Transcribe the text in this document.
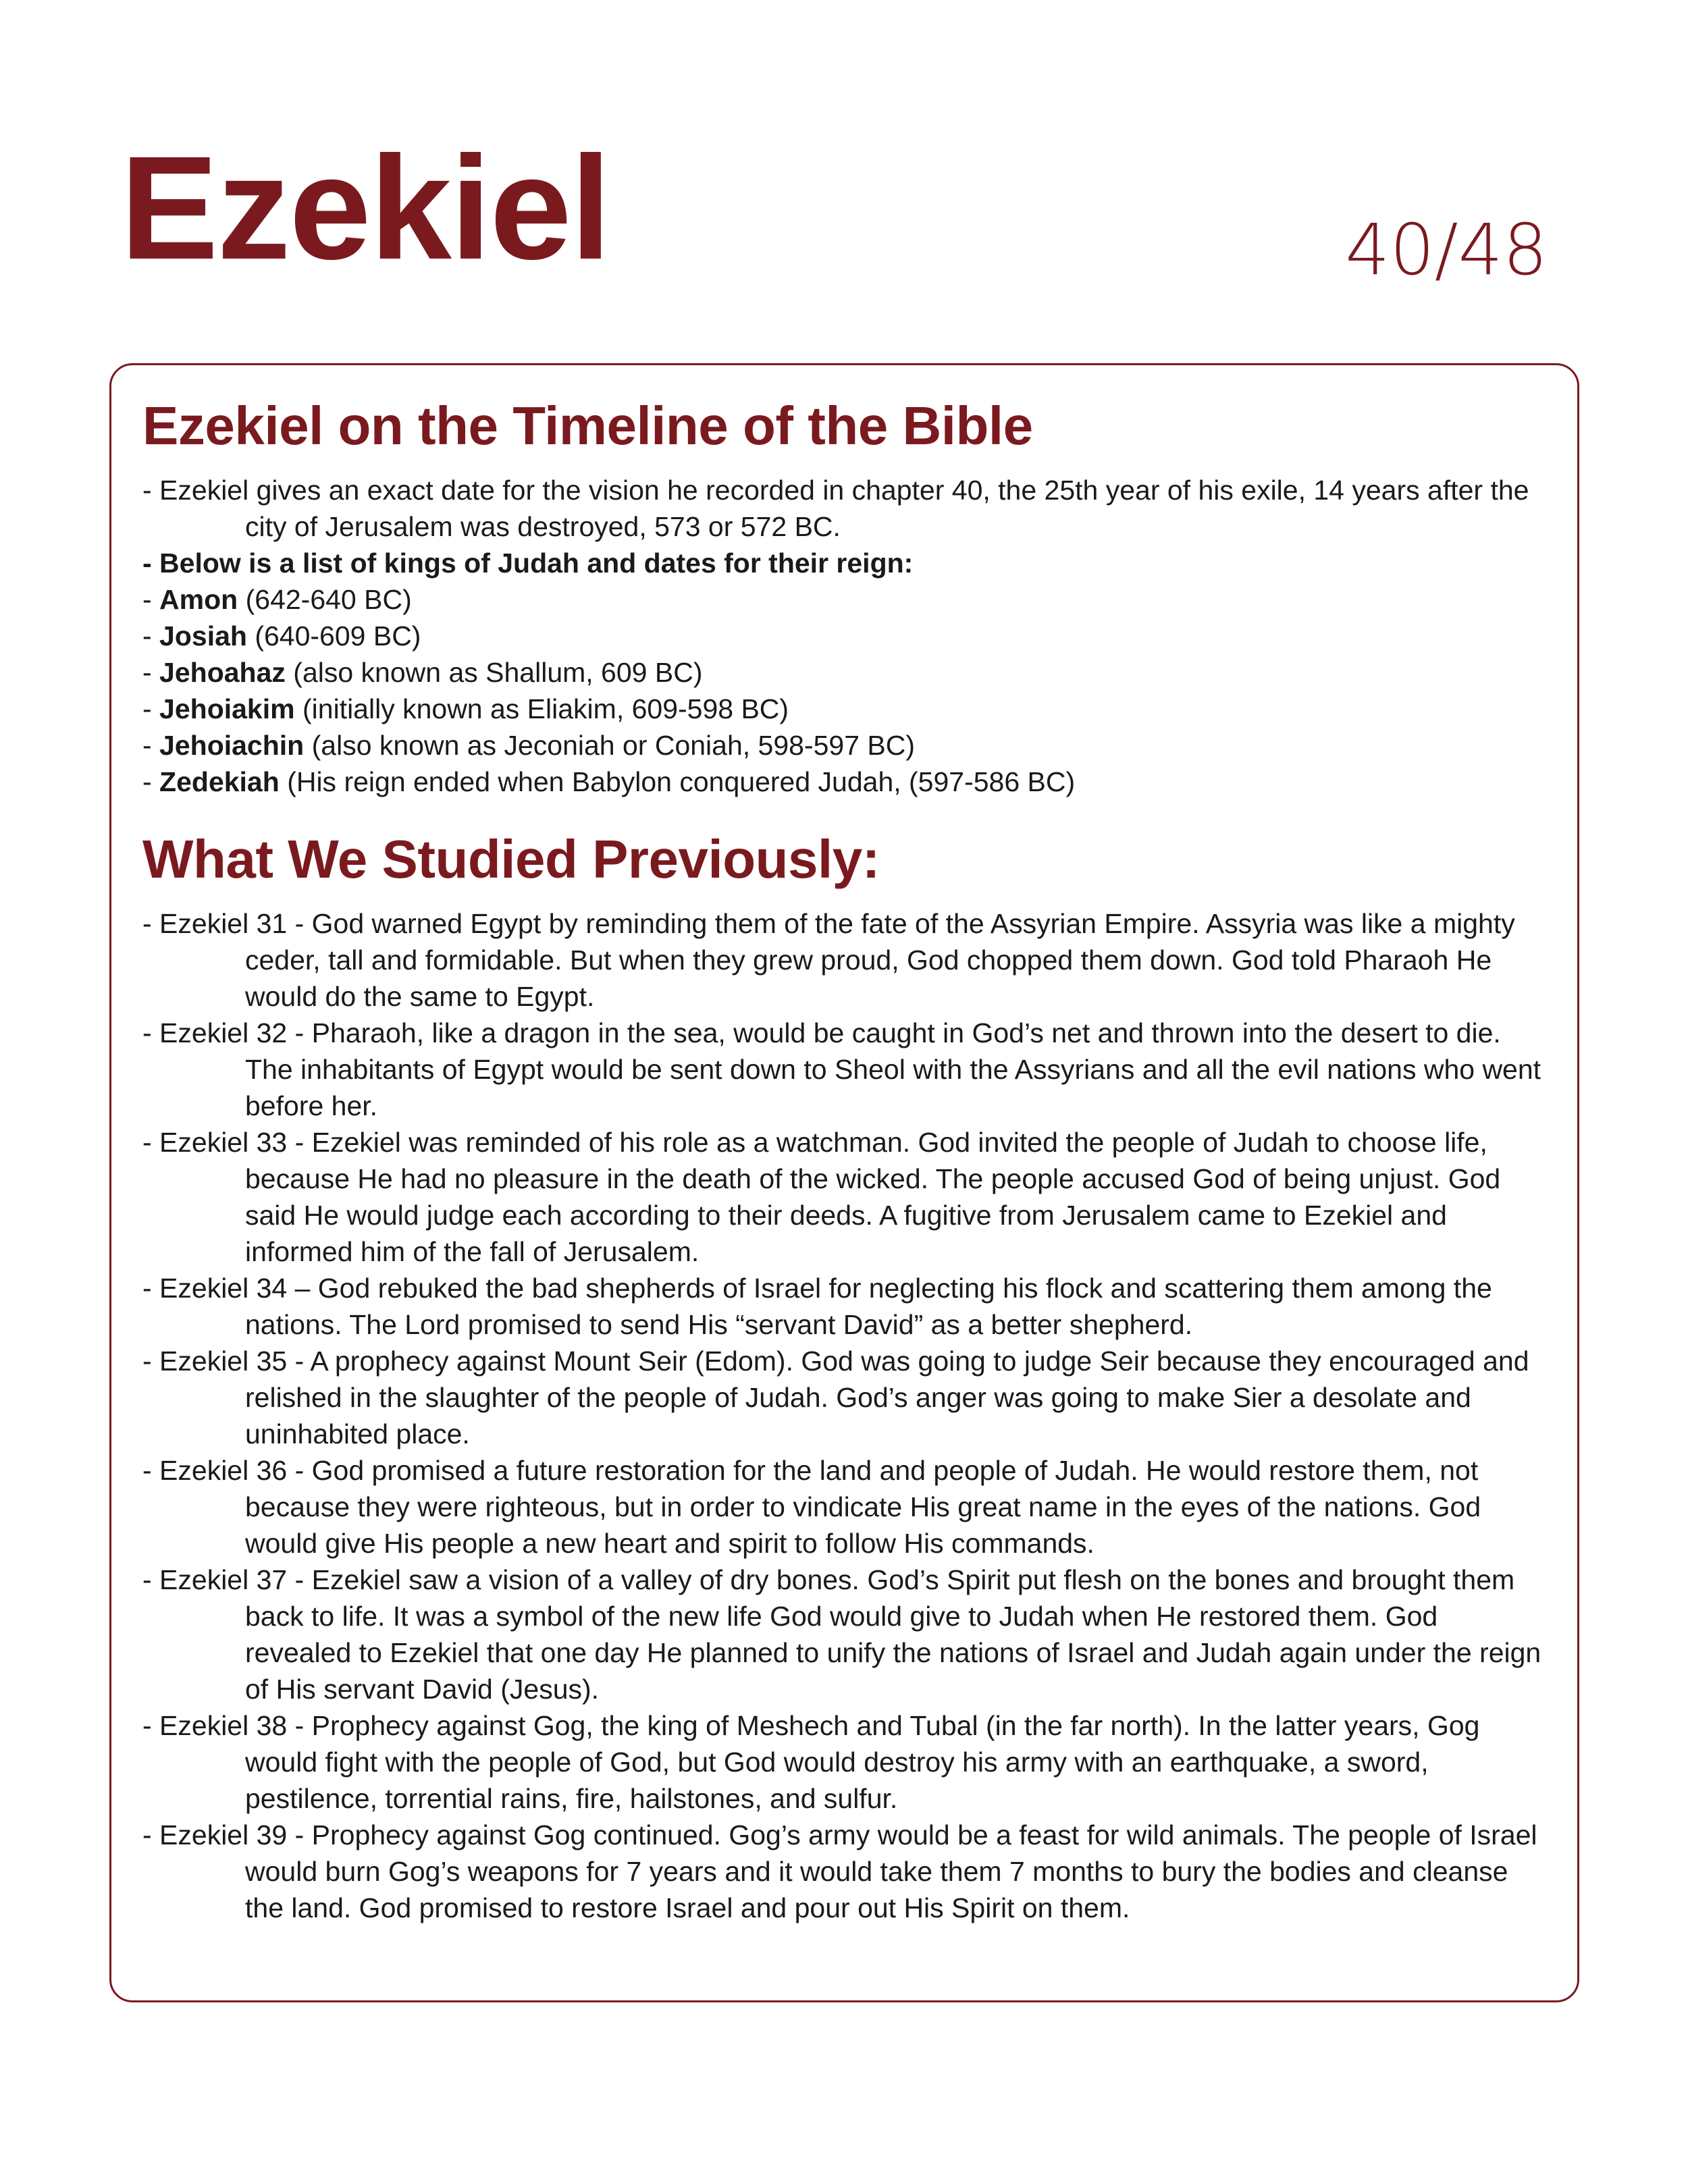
Ezekiel	40/48
Ezekiel on the Timeline of the Bible
- Ezekiel gives an exact date for the vision he recorded in chapter 40, the 25th year of his exile, 14 years after the city of Jerusalem was destroyed, 573 or 572 BC.
- Below is a list of kings of Judah and dates for their reign:
- Amon (642-640 BC)
- Josiah (640-609 BC)
- Jehoahaz (also known as Shallum, 609 BC)
- Jehoiakim (initially known as Eliakim, 609-598 BC)
- Jehoiachin (also known as Jeconiah or Coniah, 598-597 BC)
- Zedekiah (His reign ended when Babylon conquered Judah, (597-586 BC)
What We Studied Previously:
- Ezekiel 31 - God warned Egypt by reminding them of the fate of the Assyrian Empire. Assyria was like a mighty ceder, tall and formidable. But when they grew proud, God chopped them down. God told Pharaoh He would do the same to Egypt.
- Ezekiel 32 - Pharaoh, like a dragon in the sea, would be caught in God’s net and thrown into the desert to die. The inhabitants of Egypt would be sent down to Sheol with the Assyrians and all the evil nations who went before her.
- Ezekiel 33 - Ezekiel was reminded of his role as a watchman. God invited the people of Judah to choose life, because He had no pleasure in the death of the wicked. The people accused God of being unjust. God said He would judge each according to their deeds. A fugitive from Jerusalem came to Ezekiel and informed him of the fall of Jerusalem.
- Ezekiel 34 – God rebuked the bad shepherds of Israel for neglecting his flock and scattering them among the nations. The Lord promised to send His “servant David” as a better shepherd.
- Ezekiel 35 - A prophecy against Mount Seir (Edom). God was going to judge Seir because they encouraged and relished in the slaughter of the people of Judah. God’s anger was going to make Sier a desolate and uninhabited place.
- Ezekiel 36 - God promised a future restoration for the land and people of Judah. He would restore them, not because they were righteous, but in order to vindicate His great name in the eyes of the nations. God would give His people a new heart and spirit to follow His commands.
- Ezekiel 37 - Ezekiel saw a vision of a valley of dry bones. God’s Spirit put flesh on the bones and brought them back to life. It was a symbol of the new life God would give to Judah when He restored them. God revealed to Ezekiel that one day He planned to unify the nations of Israel and Judah again under the reign of His servant David (Jesus).
- Ezekiel 38 - Prophecy against Gog, the king of Meshech and Tubal (in the far north). In the latter years, Gog would fight with the people of God, but God would destroy his army with an earthquake, a sword, pestilence, torrential rains, fire, hailstones, and sulfur.
- Ezekiel 39 - Prophecy against Gog continued. Gog’s army would be a feast for wild animals. The people of Israel would burn Gog’s weapons for 7 years and it would take them 7 months to bury the bodies and cleanse the land. God promised to restore Israel and pour out His Spirit on them.
